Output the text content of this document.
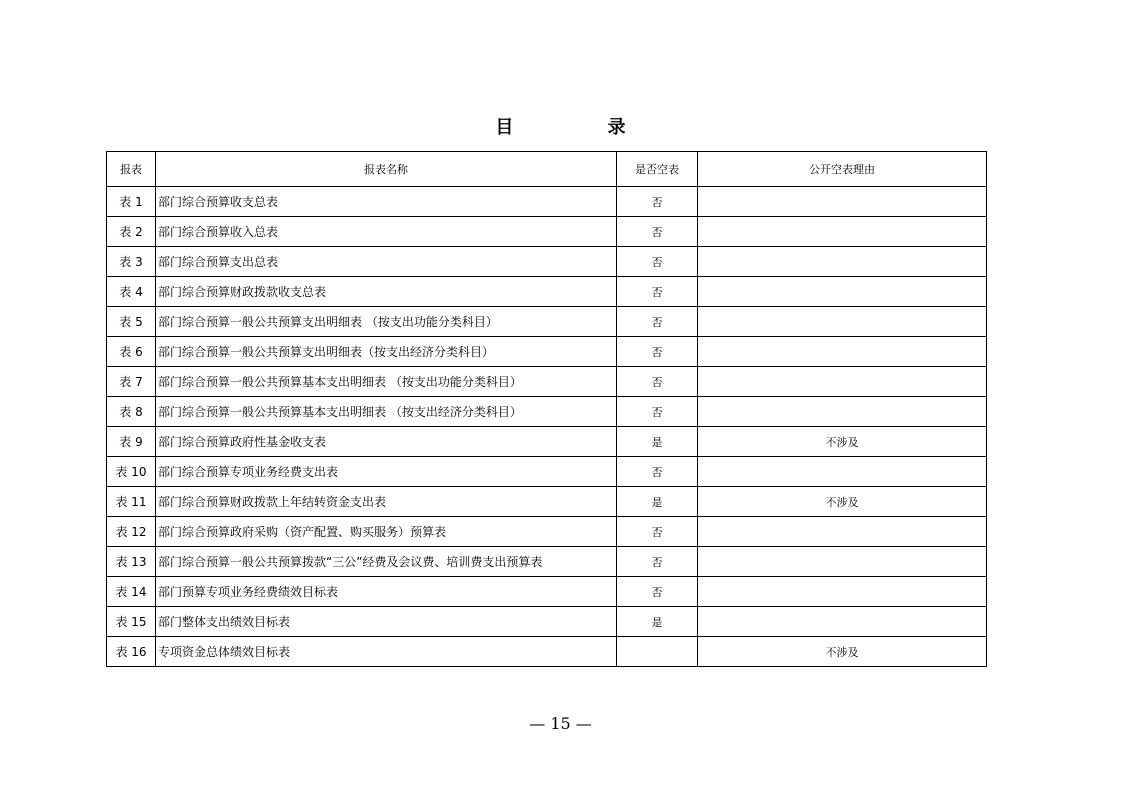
目 录
报表	报表名称	是否空表	公开空表理由
表 1	部门综合预算收支总表	否	
表 2	部门综合预算收入总表	否	
表 3	部门综合预算支出总表	否	
表 4	部门综合预算财政拨款收支总表	否	
表 5	部门综合预算一般公共预算支出明细表 （按支出功能分类科目）	否	
表 6	部门综合预算一般公共预算支出明细表（按支出经济分类科目）	否	
表 7	部门综合预算一般公共预算基本支出明细表 （按支出功能分类科目）	否	
表 8	部门综合预算一般公共预算基本支出明细表 （按支出经济分类科目）	否	
表 9	部门综合预算政府性基金收支表	是	不涉及
表 10	部门综合预算专项业务经费支出表	否	
表 11	部门综合预算财政拨款上年结转资金支出表	是	不涉及
表 12	部门综合预算政府采购（资产配置、购买服务）预算表	否	
表 13	部门综合预算一般公共预算拨款“三公”经费及会议费、培训费支出预算表	否	
表 14	部门预算专项业务经费绩效目标表	否	
表 15	部门整体支出绩效目标表	是	
表 16	专项资金总体绩效目标表		不涉及
— 15 —
